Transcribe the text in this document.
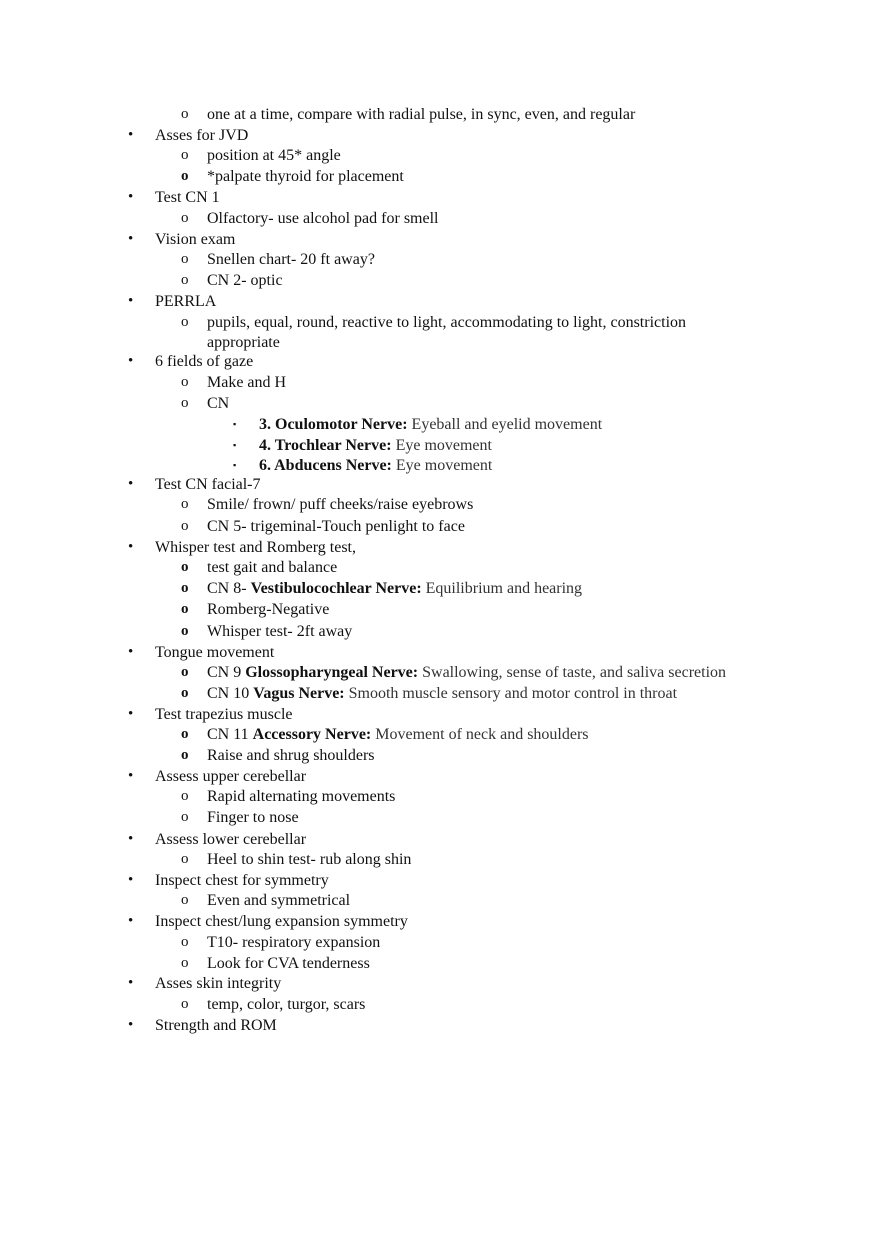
o one at a time, compare with radial pulse, in sync, even, and regular
• Asses for JVD
o position at 45* angle
o *palpate thyroid for placement
• Test CN 1
o Olfactory- use alcohol pad for smell
• Vision exam
o Snellen chart- 20 ft away?
o CN 2- optic
• PERRLA
o pupils, equal, round, reactive to light, accommodating to light, constriction
appropriate
• 6 fields of gaze
o Make and H
o CN
▪ 3. Oculomotor Nerve: Eyeball and eyelid movement
▪ 4. Trochlear Nerve: Eye movement
▪ 6. Abducens Nerve: Eye movement
• Test CN facial-7
o Smile/ frown/ puff cheeks/raise eyebrows
o CN 5- trigeminal-Touch penlight to face
• Whisper test and Romberg test,
o test gait and balance
o CN 8- Vestibulocochlear Nerve: Equilibrium and hearing
o Romberg-Negative
o Whisper test- 2ft away
• Tongue movement
o CN 9 Glossopharyngeal Nerve: Swallowing, sense of taste, and saliva secretion
o CN 10 Vagus Nerve: Smooth muscle sensory and motor control in throat
• Test trapezius muscle
o CN 11 Accessory Nerve: Movement of neck and shoulders
o Raise and shrug shoulders
• Assess upper cerebellar
o Rapid alternating movements
o Finger to nose
• Assess lower cerebellar
o Heel to shin test- rub along shin
• Inspect chest for symmetry
o Even and symmetrical
• Inspect chest/lung expansion symmetry
o T10- respiratory expansion
o Look for CVA tenderness
• Asses skin integrity
o temp, color, turgor, scars
• Strength and ROM
